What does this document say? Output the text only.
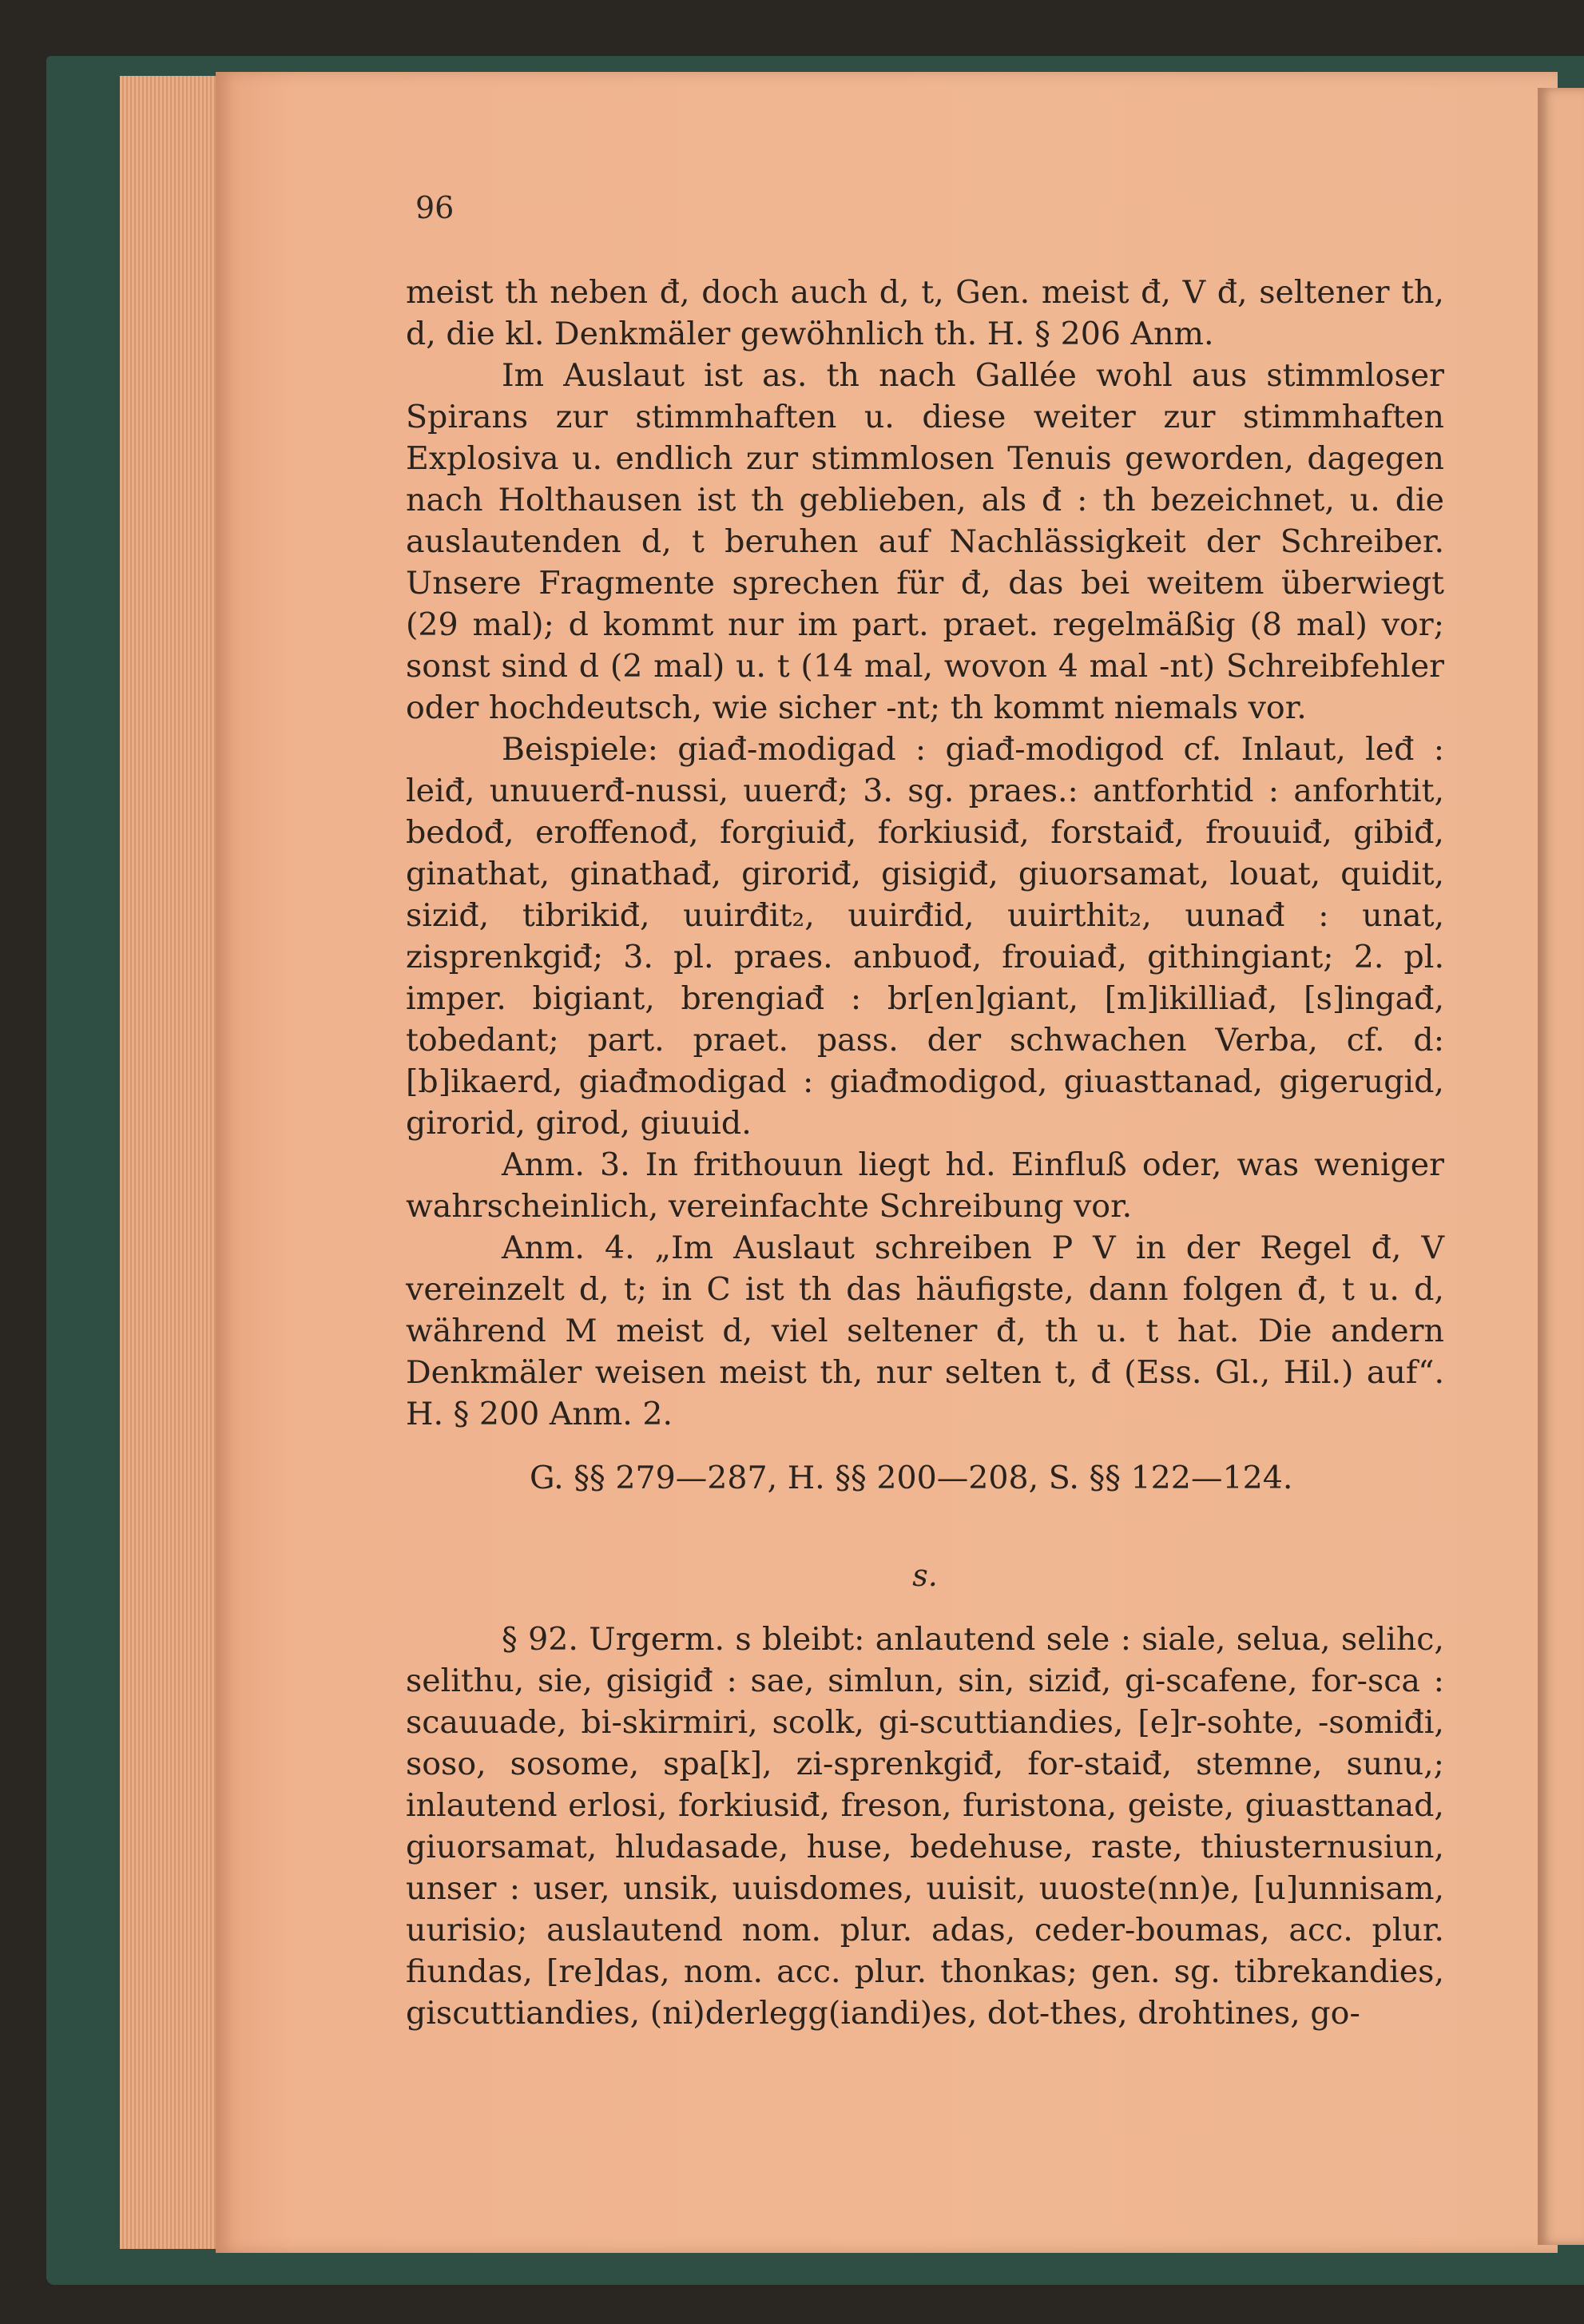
96

meist th neben đ, doch auch d, t, Gen. meist đ, V đ, seltener th, d, die kl. Denkmäler gewöhnlich th. H. § 206 Anm.

Im Auslaut ist as. th nach Gallée wohl aus stimmloser Spirans zur stimmhaften u. diese weiter zur stimmhaften Explosiva u. endlich zur stimmlosen Tenuis geworden, dagegen nach Holthausen ist th geblieben, als đ : th bezeichnet, u. die auslautenden d, t beruhen auf Nachlässigkeit der Schreiber. Unsere Fragmente sprechen für đ, das bei weitem überwiegt (29 mal); d kommt nur im part. praet. regelmäßig (8 mal) vor; sonst sind d (2 mal) u. t (14 mal, wovon 4 mal -nt) Schreibfehler oder hochdeutsch, wie sicher -nt; th kommt niemals vor.

Beispiele: giađ-modigad : giađ-modigod cf. Inlaut, leđ : leiđ, unuuerđ-nussi, uuerđ; 3. sg. praes.: antforhtid : anforhtit, bedođ, eroffenođ, forgiuiđ, forkiusiđ, forstaiđ, frouuiđ, gibiđ, ginathat, ginathađ, giroriđ, gisigiđ, giuorsamat, louat, quidit, siziđ, tibrikiđ, uuirđit₂, uuirđid, uuirthit₂, uunađ : unat, zisprenkgiđ; 3. pl. praes. anbuođ, frouiađ, githingiant; 2. pl. imper. bigiant, brengiađ : br[en]giant, [m]ikilliađ, [s]ingađ, tobedant; part. praet. pass. der schwachen Verba, cf. d: [b]ikaerd, giađmodigad : giađmodigod, giuasttanad, gigerugid, girorid, girod, giuuid.

Anm. 3. In frithouun liegt hd. Einfluß oder, was weniger wahrscheinlich, vereinfachte Schreibung vor.

Anm. 4. „Im Auslaut schreiben P V in der Regel đ, V vereinzelt d, t; in C ist th das häufigste, dann folgen đ, t u. d, während M meist d, viel seltener đ, th u. t hat. Die andern Denkmäler weisen meist th, nur selten t, đ (Ess. Gl., Hil.) auf“. H. § 200 Anm. 2.

G. §§ 279—287, H. §§ 200—208, S. §§ 122—124.

s.

§ 92. Urgerm. s bleibt: anlautend sele : siale, selua, selihc, selithu, sie, gisigiđ : sae, simlun, sin, siziđ, gi-scafene, for-sca : scauuade, bi-skirmiri, scolk, gi-scuttiandies, [e]r-sohte, -somiđi, soso, sosome, spa[k], zi-sprenkgiđ, for-staiđ, stemne, sunu,; inlautend erlosi, forkiusiđ, freson, furistona, geiste, giuasttanad, giuorsamat, hludasade, huse, bedehuse, raste, thiusternusiun, unser : user, unsik, uuisdomes, uuisit, uuoste(nn)e, [u]unnisam, uurisio; auslautend nom. plur. adas, ceder-boumas, acc. plur. fiundas, [re]das, nom. acc. plur. thonkas; gen. sg. tibrekandies, giscuttiandies, (ni)derlegg(iandi)es, dot-thes, drohtines, go-
